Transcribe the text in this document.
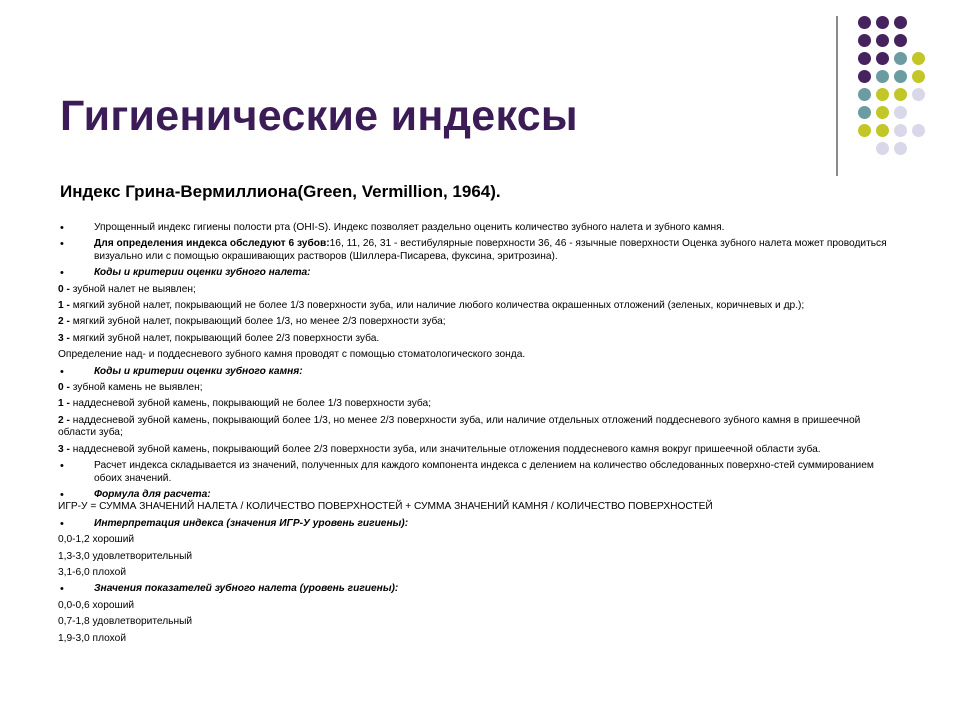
Гигиенические индексы
Индекс Грина-Вермиллиона(Green, Vermillion, 1964).

• Упрощенный индекс гигиены полости рта (OHI-S). Индекс позволяет раздельно оценить количество зубного налета и зубного камня.

• Для определения индекса обследуют 6 зубов:16, 11, 26, 31 - вестибулярные поверхности 36, 46 - язычные поверхности Оценка зубного налета может проводиться визуально или с помощью окрашивающих растворов (Шиллера-Писарева, фуксина, эритрозина).

• Коды и критерии оценки зубного налета:

0 - зубной налет не выявлен;

1 - мягкий зубной налет, покрывающий не более 1/3 поверхности зуба, или наличие любого количества окрашенных отложений (зеленых, коричневых и др.);

2 - мягкий зубной налет, покрывающий более 1/3, но менее 2/3 поверхности зуба;

3 - мягкий зубной налет, покрывающий более 2/3 поверхности зуба.

Определение над- и поддесневого зубного камня проводят с помощью стоматологического зонда.

• Коды и критерии оценки зубного камня:

0 - зубной камень не выявлен;

1 - наддесневой зубной камень, покрывающий не более 1/3 поверхности зуба;

2 - наддесневой зубной камень, покрывающий более 1/3, но менее 2/3 поверхности зуба, или наличие отдельных отложений поддесневого зубного камня в пришеечной области зуба;

3 - наддесневой зубной камень, покрывающий более 2/3 поверхности зуба, или значительные отложения поддесневого камня вокруг пришеечной области зуба.

• Расчет индекса складывается из значений, полученных для каждого компонента индекса с делением на количество обследованных поверхно-стей суммированием обоих значений.

• Формула для расчета:

ИГР-У = СУММА ЗНАЧЕНИЙ НАЛЕТА / КОЛИЧЕСТВО ПОВЕРХНОСТЕЙ + СУММА ЗНАЧЕНИЙ КАМНЯ / КОЛИЧЕСТВО ПОВЕРХНОСТЕЙ

• Интерпретация индекса (значения ИГР-У уровень гигиены):

0,0-1,2 хороший

1,3-3,0 удовлетворительный

3,1-6,0 плохой

• Значения показателей зубного налета (уровень гигиены):

0,0-0,6 хороший

0,7-1,8 удовлетворительный

1,9-3,0 плохой
